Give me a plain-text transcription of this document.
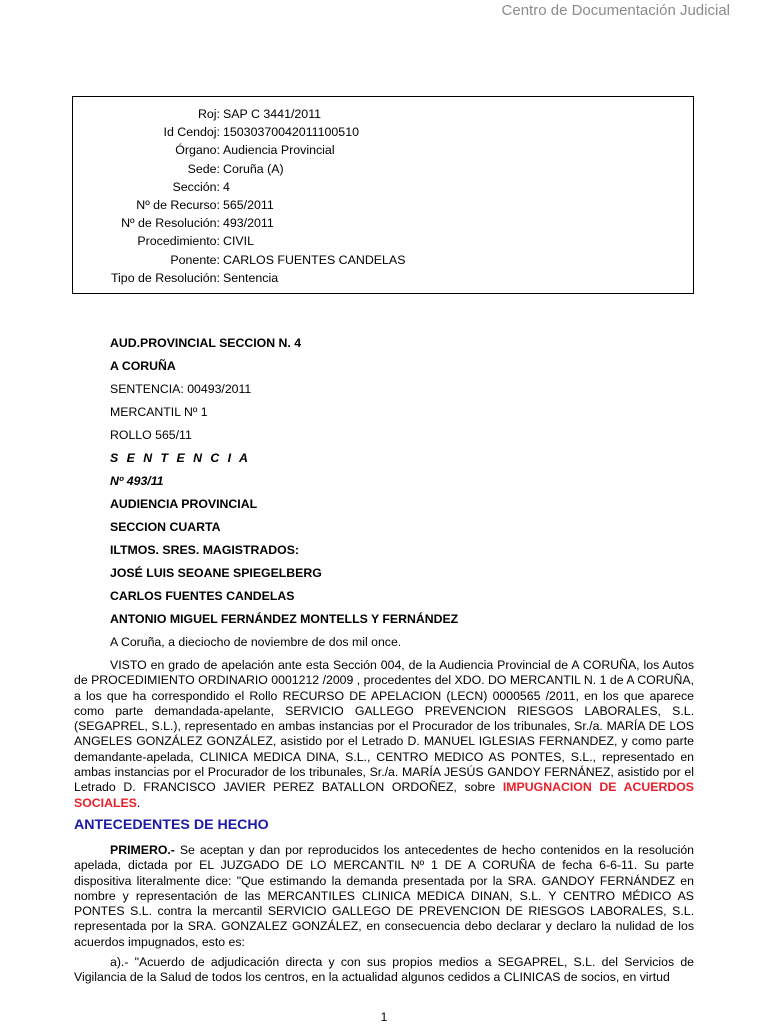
Centro de Documentación Judicial
Roj: SAP C 3441/2011
Id Cendoj: 15030370042011100510
Órgano: Audiencia Provincial
Sede: Coruña (A)
Sección: 4
Nº de Recurso: 565/2011
Nº de Resolución: 493/2011
Procedimiento: CIVIL
Ponente: CARLOS FUENTES CANDELAS
Tipo de Resolución: Sentencia
AUD.PROVINCIAL SECCION N. 4
A CORUÑA
SENTENCIA: 00493/2011
MERCANTIL Nº 1
ROLLO 565/11
S E N T E N C I A
Nº 493/11
AUDIENCIA PROVINCIAL
SECCION CUARTA
ILTMOS. SRES. MAGISTRADOS:
JOSÉ LUIS SEOANE SPIEGELBERG
CARLOS FUENTES CANDELAS
ANTONIO MIGUEL FERNÁNDEZ MONTELLS Y FERNÁNDEZ
A Coruña, a dieciocho de noviembre de dos mil once.

VISTO en grado de apelación ante esta Sección 004, de la Audiencia Provincial de A CORUÑA, los Autos de PROCEDIMIENTO ORDINARIO 0001212 /2009 , procedentes del XDO. DO MERCANTIL N. 1 de A CORUÑA, a los que ha correspondido el Rollo RECURSO DE APELACION (LECN) 0000565 /2011, en los que aparece como parte demandada-apelante, SERVICIO GALLEGO PREVENCION RIESGOS LABORALES, S.L. (SEGAPREL, S.L.), representado en ambas instancias por el Procurador de los tribunales, Sr./a. MARÍA DE LOS ANGELES GONZÁLEZ GONZÁLEZ, asistido por el Letrado D. MANUEL IGLESIAS FERNANDEZ, y como parte demandante-apelada, CLINICA MEDICA DINA, S.L., CENTRO MEDICO AS PONTES, S.L., representado en ambas instancias por el Procurador de los tribunales, Sr./a. MARÍA JESÚS GANDOY FERNÁNEZ, asistido por el Letrado D. FRANCISCO JAVIER PEREZ BATALLON ORDOÑEZ, sobre IMPUGNACION DE ACUERDOS SOCIALES.

ANTECEDENTES DE HECHO

PRIMERO.- Se aceptan y dan por reproducidos los antecedentes de hecho contenidos en la resolución apelada, dictada por EL JUZGADO DE LO MERCANTIL Nº 1 DE A CORUÑA de fecha 6-6-11. Su parte dispositiva literalmente dice: "Que estimando la demanda presentada por la SRA. GANDOY FERNÁNDEZ en nombre y representación de las MERCANTILES CLINICA MEDICA DINAN, S.L. Y CENTRO MÉDICO AS PONTES S.L. contra la mercantil SERVICIO GALLEGO DE PREVENCION DE RIESGOS LABORALES, S.L. representada por la SRA. GONZALEZ GONZÁLEZ, en consecuencia debo declarar y declaro la nulidad de los acuerdos impugnados, esto es:

a).- "Acuerdo de adjudicación directa y con sus propios medios a SEGAPREL, S.L. del Servicios de Vigilancia de la Salud de todos los centros, en la actualidad algunos cedidos a CLINICAS de socios, en virtud

1
